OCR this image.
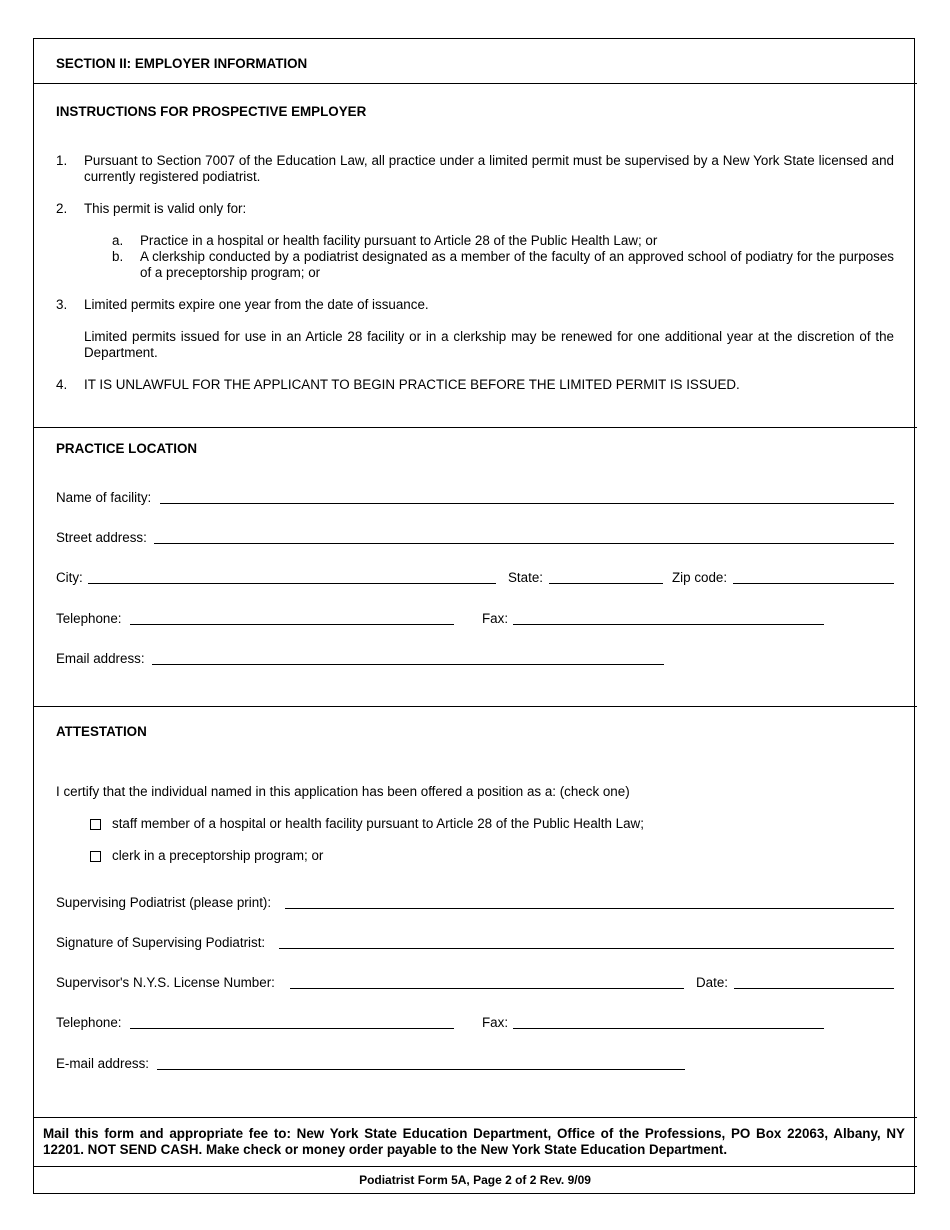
SECTION II: EMPLOYER INFORMATION
INSTRUCTIONS FOR PROSPECTIVE EMPLOYER
1. Pursuant to Section 7007 of the Education Law, all practice under a limited permit must be supervised by a New York State licensed and currently registered podiatrist.
2. This permit is valid only for:
a. Practice in a hospital or health facility pursuant to Article 28 of the Public Health Law; or
b. A clerkship conducted by a podiatrist designated as a member of the faculty of an approved school of podiatry for the purposes of a preceptorship program; or
3. Limited permits expire one year from the date of issuance.
Limited permits issued for use in an Article 28 facility or in a clerkship may be renewed for one additional year at the discretion of the Department.
4. IT IS UNLAWFUL FOR THE APPLICANT TO BEGIN PRACTICE BEFORE THE LIMITED PERMIT IS ISSUED.
PRACTICE LOCATION
Name of facility:
Street address:
City:	State:	Zip code:
Telephone:	Fax:
Email address:
ATTESTATION
I certify that the individual named in this application has been offered a position as a: (check one)
staff member of a hospital or health facility pursuant to Article 28 of the Public Health Law;
clerk in a preceptorship program; or
Supervising Podiatrist (please print):
Signature of Supervising Podiatrist:
Supervisor's N.Y.S. License Number:	Date:
Telephone:	Fax:
E-mail address:
Mail this form and appropriate fee to: New York State Education Department, Office of the Professions, PO Box 22063, Albany, NY 12201. NOT SEND CASH. Make check or money order payable to the New York State Education Department.
Podiatrist Form 5A, Page 2 of 2 Rev. 9/09
